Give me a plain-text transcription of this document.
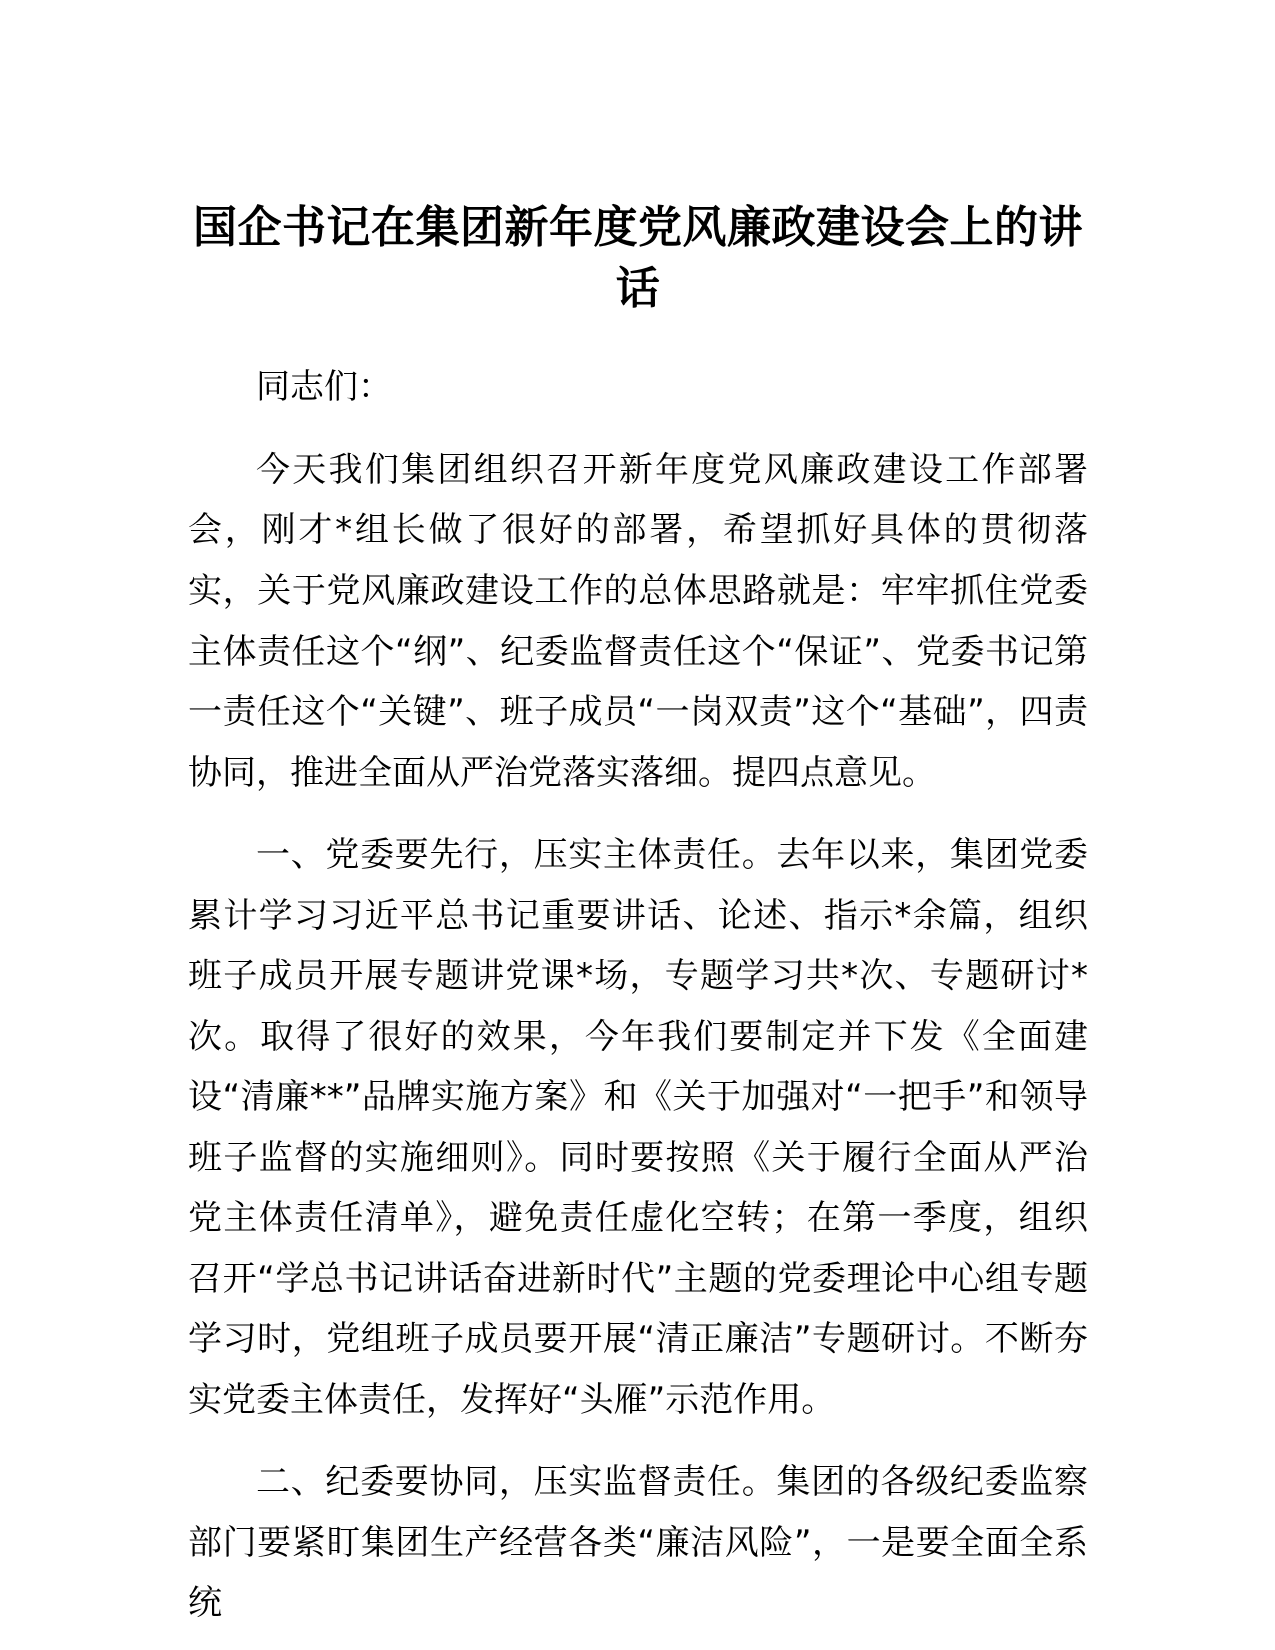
国企书记在集团新年度党风廉政建设会上的讲话

同志们：

今天我们集团组织召开新年度党风廉政建设工作部署会，刚才*组长做了很好的部署，希望抓好具体的贯彻落实，关于党风廉政建设工作的总体思路就是：牢牢抓住党委主体责任这个“纲”、纪委监督责任这个“保证”、党委书记第一责任这个“关键”、班子成员“一岗双责”这个“基础”，四责协同，推进全面从严治党落实落细。提四点意见。

一、党委要先行，压实主体责任。去年以来，集团党委累计学习习近平总书记重要讲话、论述、指示*余篇，组织班子成员开展专题讲党课*场，专题学习共*次、专题研讨*次。取得了很好的效果，今年我们要制定并下发《全面建设“清廉**”品牌实施方案》和《关于加强对“一把手”和领导班子监督的实施细则》。同时要按照《关于履行全面从严治党主体责任清单》，避免责任虚化空转；在第一季度，组织召开“学总书记讲话奋进新时代”主题的党委理论中心组专题学习时，党组班子成员要开展“清正廉洁”专题研讨。不断夯实党委主体责任，发挥好“头雁”示范作用。

二、纪委要协同，压实监督责任。集团的各级纪委监察部门要紧盯集团生产经营各类“廉洁风险”，一是要全面全系统
